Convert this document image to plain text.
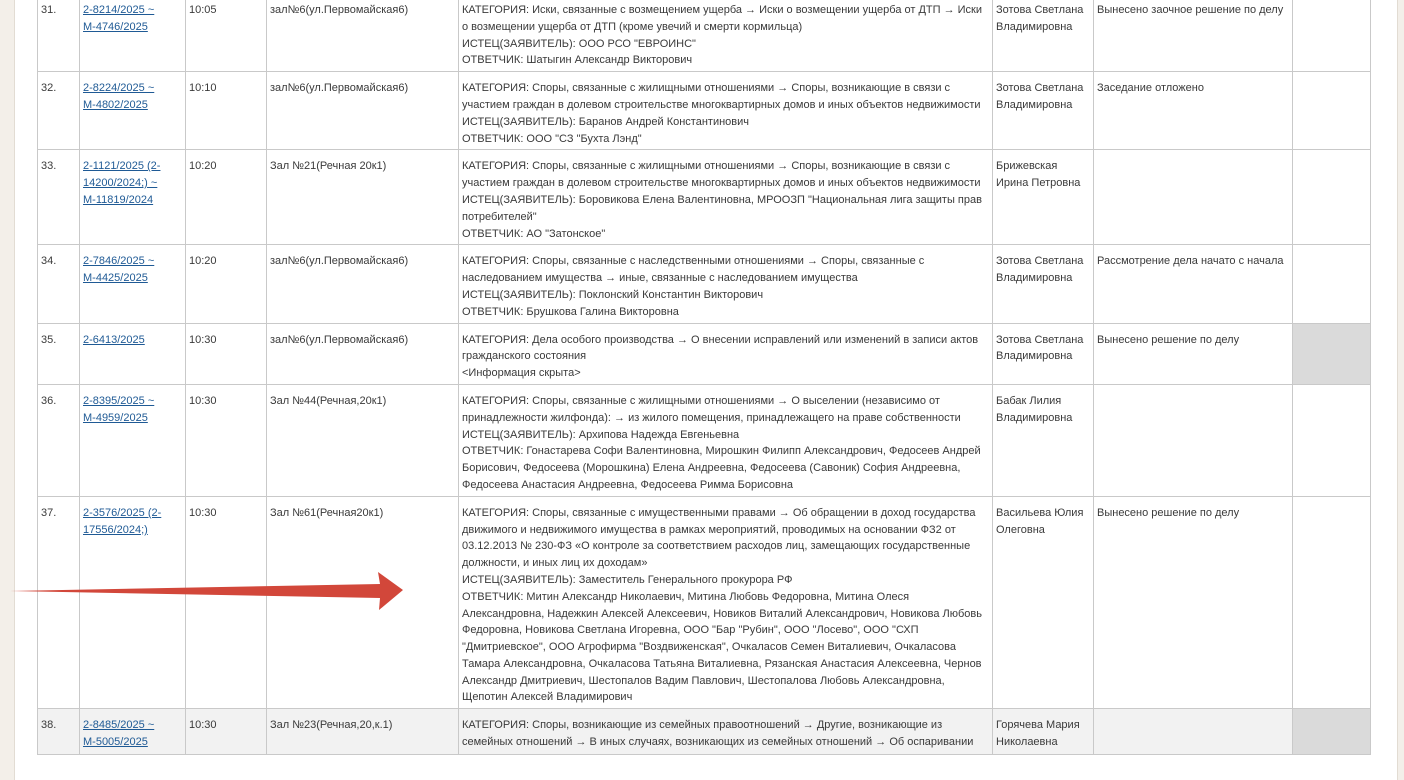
31.	2-8214/2025 ~ М-4746/2025	10:05	зал№6(ул.Первомайская6)	КАТЕГОРИЯ: Иски, связанные с возмещением ущерба → Иски о возмещении ущерба от ДТП → Иски о возмещении ущерба от ДТП (кроме увечий и смерти кормильца)
ИСТЕЦ(ЗАЯВИТЕЛЬ): ООО РСО "ЕВРОИНС"
ОТВЕТЧИК: Шатыгин Александр Викторович	Зотова Светлана Владимировна	Вынесено заочное решение по делу	
32.	2-8224/2025 ~ М-4802/2025	10:10	зал№6(ул.Первомайская6)	КАТЕГОРИЯ: Споры, связанные с жилищными отношениями → Споры, возникающие в связи с участием граждан в долевом строительстве многоквартирных домов и иных объектов недвижимости
ИСТЕЦ(ЗАЯВИТЕЛЬ): Баранов Андрей Константинович
ОТВЕТЧИК: ООО "СЗ "Бухта Лэнд"	Зотова Светлана Владимировна	Заседание отложено	
33.	2-1121/2025 (2-14200/2024;) ~ М-11819/2024	10:20	Зал №21(Речная 20к1)	КАТЕГОРИЯ: Споры, связанные с жилищными отношениями → Споры, возникающие в связи с участием граждан в долевом строительстве многоквартирных домов и иных объектов недвижимости
ИСТЕЦ(ЗАЯВИТЕЛЬ): Боровикова Елена Валентиновна, МРООЗП "Национальная лига защиты прав потребителей"
ОТВЕТЧИК: АО "Затонское"	Брижевская Ирина Петровна		
34.	2-7846/2025 ~ М-4425/2025	10:20	зал№6(ул.Первомайская6)	КАТЕГОРИЯ: Споры, связанные с наследственными отношениями → Споры, связанные с наследованием имущества → иные, связанные с наследованием имущества
ИСТЕЦ(ЗАЯВИТЕЛЬ): Поклонский Константин Викторович
ОТВЕТЧИК: Брушкова Галина Викторовна	Зотова Светлана Владимировна	Рассмотрение дела начато с начала	
35.	2-6413/2025	10:30	зал№6(ул.Первомайская6)	КАТЕГОРИЯ: Дела особого производства → О внесении исправлений или изменений в записи актов гражданского состояния
<Информация скрыта>	Зотова Светлана Владимировна	Вынесено решение по делу	
36.	2-8395/2025 ~ М-4959/2025	10:30	Зал №44(Речная,20к1)	КАТЕГОРИЯ: Споры, связанные с жилищными отношениями → О выселении (независимо от принадлежности жилфонда): → из жилого помещения, принадлежащего на праве собственности
ИСТЕЦ(ЗАЯВИТЕЛЬ): Архипова Надежда Евгеньевна
ОТВЕТЧИК: Гонастарева Софи Валентиновна, Мирошкин Филипп Александрович, Федосеев Андрей Борисович, Федосеева (Морошкина) Елена Андреевна, Федосеева (Савоник) София Андреевна, Федосеева Анастасия Андреевна, Федосеева Римма Борисовна	Бабак Лилия Владимировна		
37.	2-3576/2025 (2-17556/2024;)	10:30	Зал №61(Речная20к1)	КАТЕГОРИЯ: Споры, связанные с имущественными правами → Об обращении в доход государства движимого и недвижимого имущества в рамках мероприятий, проводимых на основании ФЗ2 от 03.12.2013 № 230-ФЗ «О контроле за соответствием расходов лиц, замещающих государственные должности, и иных лиц их доходам»
ИСТЕЦ(ЗАЯВИТЕЛЬ): Заместитель Генерального прокурора РФ
ОТВЕТЧИК: Митин Александр Николаевич, Митина Любовь Федоровна, Митина Олеся Александровна, Надежкин Алексей Алексеевич, Новиков Виталий Александрович, Новикова Любовь Федоровна, Новикова Светлана Игоревна, ООО "Бар "Рубин", ООО "Лосево", ООО "СХП "Дмитриевское", ООО Агрофирма "Воздвиженская", Очкаласов Семен Виталиевич, Очкаласова Тамара Александровна, Очкаласова Татьяна Виталиевна, Рязанская Анастасия Алексеевна, Чернов Александр Дмитриевич, Шестопалов Вадим Павлович, Шестопалова Любовь Александровна, Щепотин Алексей Владимирович	Васильева Юлия Олеговна	Вынесено решение по делу	
38.	2-8485/2025 ~ М-5005/2025	10:30	Зал №23(Речная,20,к.1)	КАТЕГОРИЯ: Споры, возникающие из семейных правоотношений → Другие, возникающие из семейных отношений → В иных случаях, возникающих из семейных отношений → Об оспаривании	Горячева Мария Николаевна		
